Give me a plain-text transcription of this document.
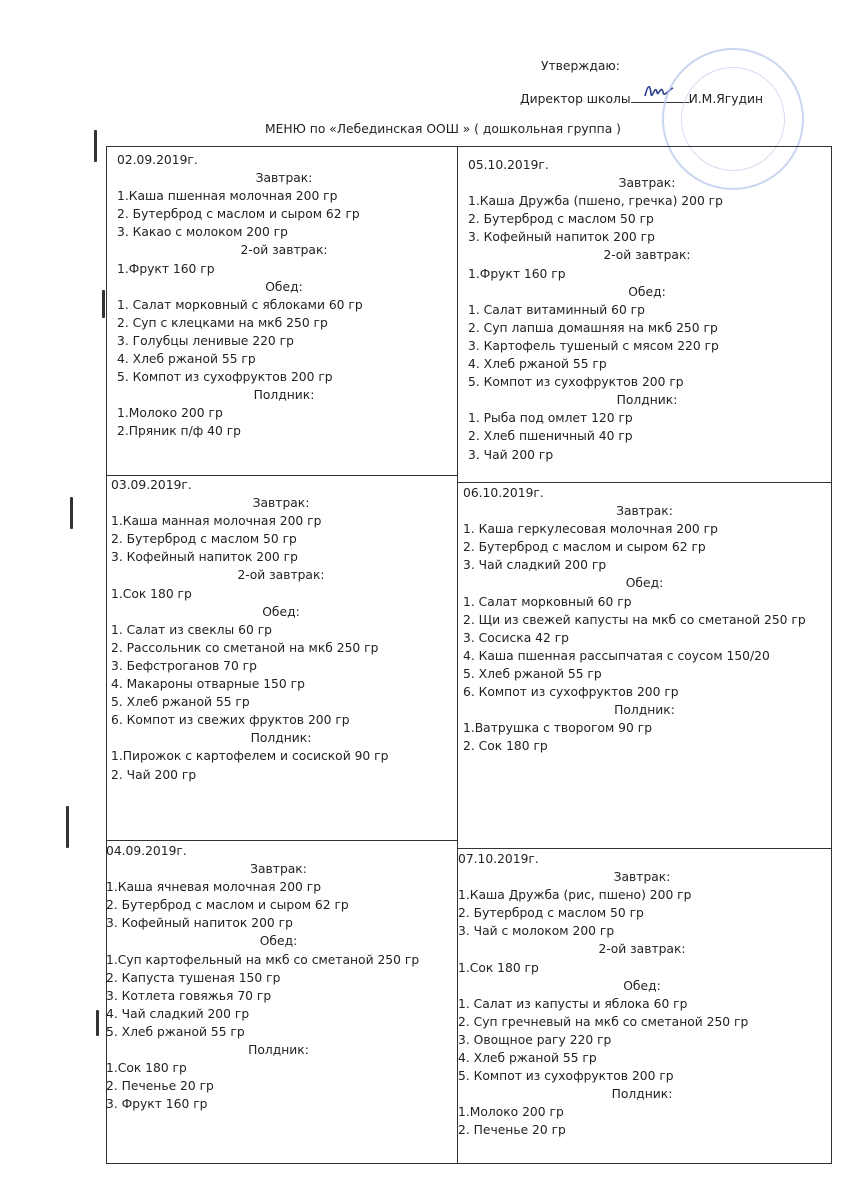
Утверждаю:
Директор школы	И.М.Ягудин
МЕНЮ по «Лебединская ООШ » ( дошкольная группа )
02.09.2019г.
Завтрак:
1.Каша пшенная молочная 200 гр
2. Бутерброд с маслом и сыром 62 гр
3. Какао с молоком 200 гр
2-ой завтрак:
1.Фрукт 160 гр
Обед:
1. Салат морковный с яблоками 60 гр
2. Суп с клецками на мкб 250 гр
3. Голубцы ленивые 220 гр
4. Хлеб ржаной 55 гр
5. Компот из сухофруктов 200 гр
Полдник:
1.Молоко 200 гр
2.Пряник п/ф 40 гр
05.10.2019г.
Завтрак:
1.Каша Дружба (пшено, гречка) 200 гр
2. Бутерброд с маслом 50 гр
3. Кофейный напиток 200 гр
2-ой завтрак:
1.Фрукт 160 гр
Обед:
1. Салат витаминный 60 гр
2. Суп лапша домашняя на мкб 250 гр
3. Картофель тушеный с мясом 220 гр
4. Хлеб ржаной 55 гр
5. Компот из сухофруктов 200 гр
Полдник:
1. Рыба под омлет 120 гр
2. Хлеб пшеничный 40 гр
3. Чай 200 гр
03.09.2019г.
Завтрак:
1.Каша манная молочная 200 гр
2. Бутерброд с маслом 50 гр
3. Кофейный напиток 200 гр
2-ой завтрак:
1.Сок 180 гр
Обед:
1. Салат из свеклы 60 гр
2. Рассольник со сметаной на мкб 250 гр
3. Бефстроганов 70 гр
4. Макароны отварные 150 гр
5. Хлеб ржаной 55 гр
6. Компот из свежих фруктов 200 гр
Полдник:
1.Пирожок с картофелем и сосиской 90 гр
2. Чай 200 гр
06.10.2019г.
Завтрак:
1. Каша геркулесовая молочная 200 гр
2. Бутерброд с маслом и сыром 62 гр
3. Чай сладкий 200 гр
Обед:
1. Салат морковный 60 гр
2. Щи из свежей капусты на мкб со сметаной 250 гр
3. Сосиска 42 гр
4. Каша пшенная рассыпчатая с соусом 150/20
5. Хлеб ржаной 55 гр
6. Компот из сухофруктов 200 гр
Полдник:
1.Ватрушка с творогом 90 гр
2. Сок 180 гр
04.09.2019г.
Завтрак:
1.Каша ячневая молочная 200 гр
2. Бутерброд с маслом и сыром 62 гр
3. Кофейный напиток 200 гр
Обед:
1.Суп картофельный на мкб со сметаной 250 гр
2. Капуста тушеная 150 гр
3. Котлета говяжья 70 гр
4. Чай сладкий 200 гр
5. Хлеб ржаной 55 гр
Полдник:
1.Сок 180 гр
2. Печенье 20 гр
3. Фрукт 160 гр
07.10.2019г.
Завтрак:
1.Каша Дружба (рис, пшено) 200 гр
2. Бутерброд с маслом 50 гр
3. Чай с молоком 200 гр
2-ой завтрак:
1.Сок 180 гр
Обед:
1. Салат из капусты и яблока 60 гр
2. Суп гречневый на мкб со сметаной 250 гр
3. Овощное рагу 220 гр
4. Хлеб ржаной 55 гр
5. Компот из сухофруктов 200 гр
Полдник:
1.Молоко 200 гр
2. Печенье 20 гр
